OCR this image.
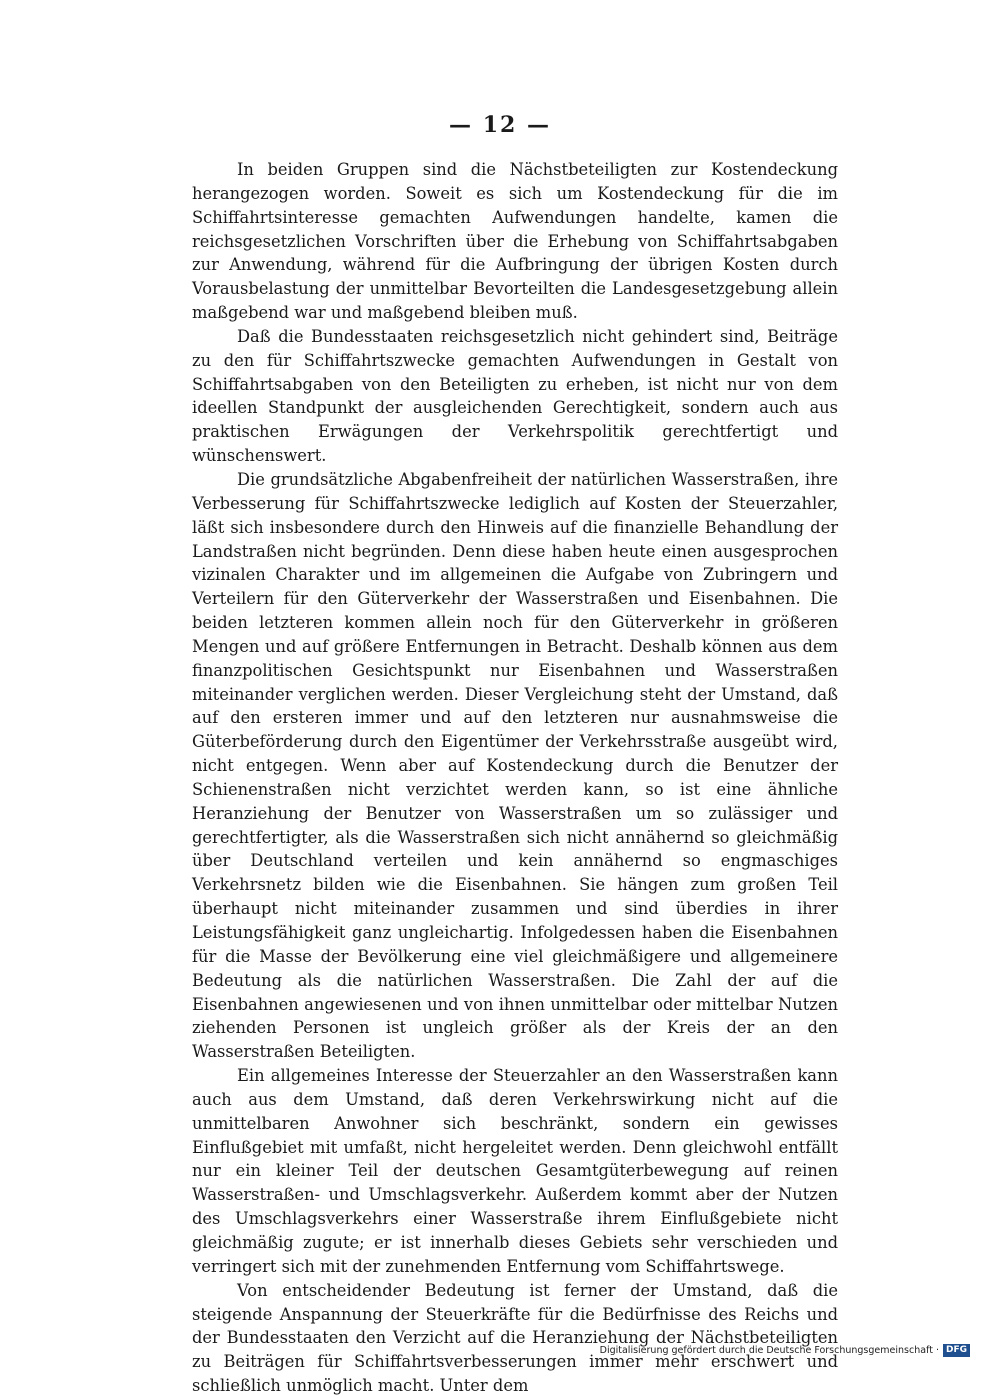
— 12 —

In beiden Gruppen sind die Nächstbeteiligten zur Kostendeckung herangezogen worden. Soweit es sich um Kostendeckung für die im Schiffahrtsinteresse gemachten Aufwendungen handelte, kamen die reichsgesetzlichen Vorschriften über die Erhebung von Schiffahrtsabgaben zur Anwendung, während für die Aufbringung der übrigen Kosten durch Vorausbelastung der unmittelbar Bevorteilten die Landesgesetzgebung allein maßgebend war und maßgebend bleiben muß.

Daß die Bundesstaaten reichsgesetzlich nicht gehindert sind, Beiträge zu den für Schiffahrtszwecke gemachten Aufwendungen in Gestalt von Schiffahrtsabgaben von den Beteiligten zu erheben, ist nicht nur von dem ideellen Standpunkt der ausgleichenden Gerechtigkeit, sondern auch aus praktischen Erwägungen der Verkehrspolitik gerechtfertigt und wünschenswert.

Die grundsätzliche Abgabenfreiheit der natürlichen Wasserstraßen, ihre Verbesserung für Schiffahrtszwecke lediglich auf Kosten der Steuerzahler, läßt sich insbesondere durch den Hinweis auf die finanzielle Behandlung der Landstraßen nicht begründen. Denn diese haben heute einen ausgesprochen vizinalen Charakter und im allgemeinen die Aufgabe von Zubringern und Verteilern für den Güterverkehr der Wasserstraßen und Eisenbahnen. Die beiden letzteren kommen allein noch für den Güterverkehr in größeren Mengen und auf größere Entfernungen in Betracht. Deshalb können aus dem finanzpolitischen Gesichtspunkt nur Eisenbahnen und Wasserstraßen miteinander verglichen werden. Dieser Vergleichung steht der Umstand, daß auf den ersteren immer und auf den letzteren nur ausnahmsweise die Güterbeförderung durch den Eigentümer der Verkehrsstraße ausgeübt wird, nicht entgegen. Wenn aber auf Kostendeckung durch die Benutzer der Schienenstraßen nicht verzichtet werden kann, so ist eine ähnliche Heranziehung der Benutzer von Wasserstraßen um so zulässiger und gerechtfertigter, als die Wasserstraßen sich nicht annähernd so gleichmäßig über Deutschland verteilen und kein annähernd so engmaschiges Verkehrsnetz bilden wie die Eisenbahnen. Sie hängen zum großen Teil überhaupt nicht miteinander zusammen und sind überdies in ihrer Leistungsfähigkeit ganz ungleichartig. Infolgedessen haben die Eisenbahnen für die Masse der Bevölkerung eine viel gleichmäßigere und allgemeinere Bedeutung als die natürlichen Wasserstraßen. Die Zahl der auf die Eisenbahnen angewiesenen und von ihnen unmittelbar oder mittelbar Nutzen ziehenden Personen ist ungleich größer als der Kreis der an den Wasserstraßen Beteiligten.

Ein allgemeines Interesse der Steuerzahler an den Wasserstraßen kann auch aus dem Umstand, daß deren Verkehrswirkung nicht auf die unmittelbaren Anwohner sich beschränkt, sondern ein gewisses Einflußgebiet mit umfaßt, nicht hergeleitet werden. Denn gleichwohl entfällt nur ein kleiner Teil der deutschen Gesamtgüterbewegung auf reinen Wasserstraßen- und Umschlagsverkehr. Außerdem kommt aber der Nutzen des Umschlagsverkehrs einer Wasserstraße ihrem Einflußgebiete nicht gleichmäßig zugute; er ist innerhalb dieses Gebiets sehr verschieden und verringert sich mit der zunehmenden Entfernung vom Schiffahrtswege.

Von entscheidender Bedeutung ist ferner der Umstand, daß die steigende Anspannung der Steuerkräfte für die Bedürfnisse des Reichs und der Bundesstaaten den Verzicht auf die Heranziehung der Nächstbeteiligten zu Beiträgen für Schiffahrtsverbesserungen immer mehr erschwert und schließlich unmöglich macht. Unter dem

Digitalisierung gefördert durch die Deutsche Forschungsgemeinschaft · DFG
